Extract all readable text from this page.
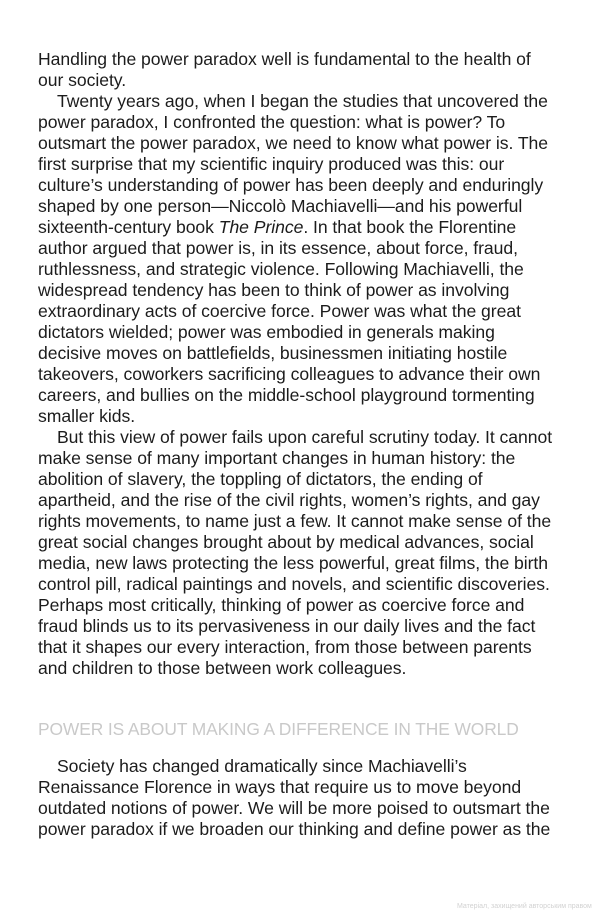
Handling the power paradox well is fundamental to the health of
our society.

Twenty years ago, when I began the studies that uncovered the
power paradox, I confronted the question: what is power? To
outsmart the power paradox, we need to know what power is. The
first surprise that my scientific inquiry produced was this: our
culture’s understanding of power has been deeply and enduringly
shaped by one person—Niccolò Machiavelli—and his powerful
sixteenth-century book The Prince. In that book the Florentine
author argued that power is, in its essence, about force, fraud,
ruthlessness, and strategic violence. Following Machiavelli, the
widespread tendency has been to think of power as involving
extraordinary acts of coercive force. Power was what the great
dictators wielded; power was embodied in generals making
decisive moves on battlefields, businessmen initiating hostile
takeovers, coworkers sacrificing colleagues to advance their own
careers, and bullies on the middle-school playground tormenting
smaller kids.

But this view of power fails upon careful scrutiny today. It cannot
make sense of many important changes in human history: the
abolition of slavery, the toppling of dictators, the ending of
apartheid, and the rise of the civil rights, women’s rights, and gay
rights movements, to name just a few. It cannot make sense of the
great social changes brought about by medical advances, social
media, new laws protecting the less powerful, great films, the birth
control pill, radical paintings and novels, and scientific discoveries.
Perhaps most critically, thinking of power as coercive force and
fraud blinds us to its pervasiveness in our daily lives and the fact
that it shapes our every interaction, from those between parents
and children to those between work colleagues.

POWER IS ABOUT MAKING A DIFFERENCE IN THE WORLD

Society has changed dramatically since Machiavelli’s
Renaissance Florence in ways that require us to move beyond
outdated notions of power. We will be more poised to outsmart the
power paradox if we broaden our thinking and define power as the

Матеріал, захищений авторським правом
